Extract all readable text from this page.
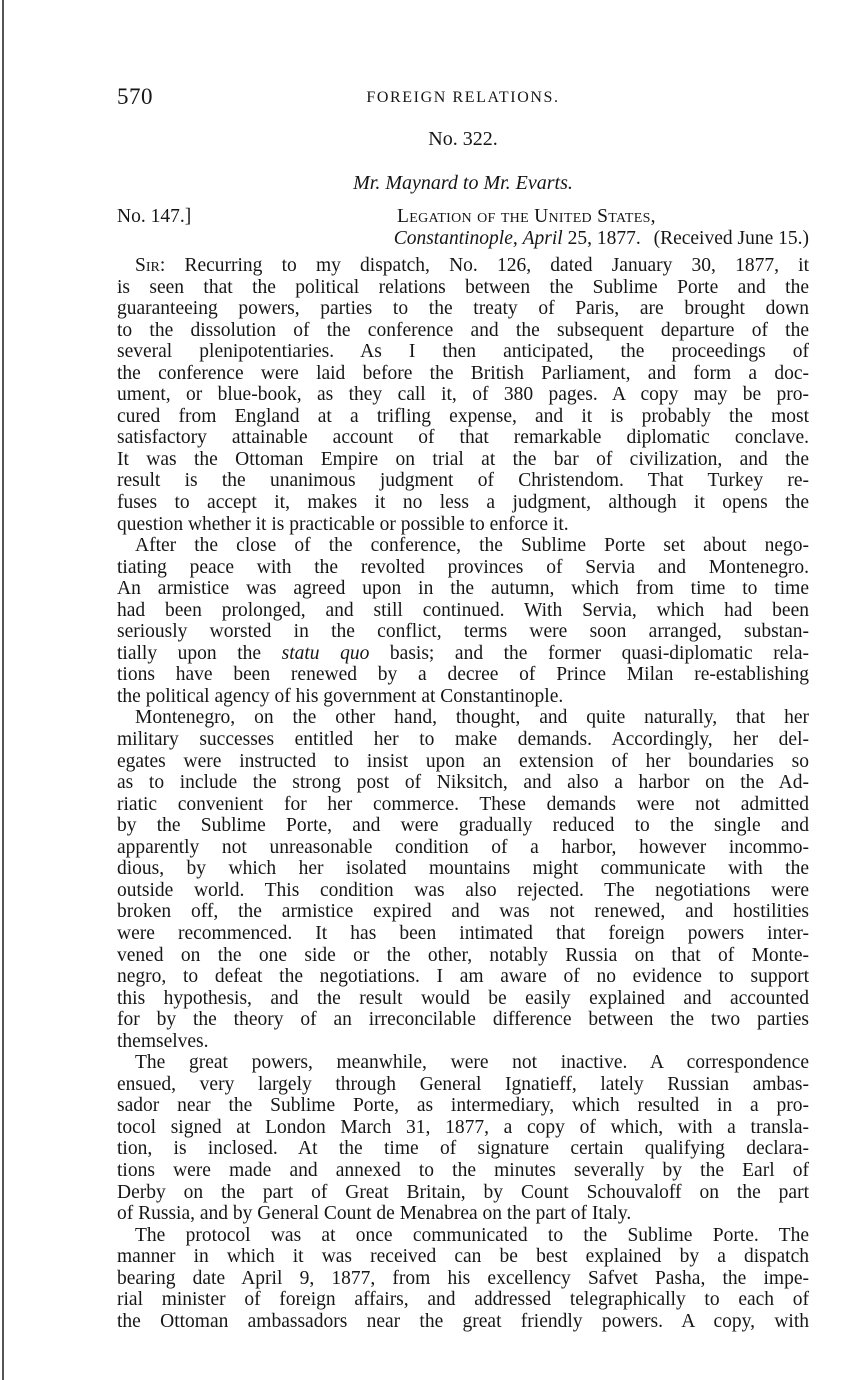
570	FOREIGN RELATIONS.
No. 322.
Mr. Maynard to Mr. Evarts.
No. 147.]	Legation of the United States,
Constantinople, April 25, 1877. (Received June 15.)

Sir: Recurring to my dispatch, No. 126, dated January 30, 1877, it
is seen that the political relations between the Sublime Porte and the
guaranteeing powers, parties to the treaty of Paris, are brought down
to the dissolution of the conference and the subsequent departure of the
several plenipotentiaries. As I then anticipated, the proceedings of
the conference were laid before the British Parliament, and form a doc-
ument, or blue-book, as they call it, of 380 pages. A copy may be pro-
cured from England at a trifling expense, and it is probably the most
satisfactory attainable account of that remarkable diplomatic conclave.
It was the Ottoman Empire on trial at the bar of civilization, and the
result is the unanimous judgment of Christendom. That Turkey re-
fuses to accept it, makes it no less a judgment, although it opens the
question whether it is practicable or possible to enforce it.

After the close of the conference, the Sublime Porte set about nego-
tiating peace with the revolted provinces of Servia and Montenegro.
An armistice was agreed upon in the autumn, which from time to time
had been prolonged, and still continued. With Servia, which had been
seriously worsted in the conflict, terms were soon arranged, substan-
tially upon the statu quo basis; and the former quasi-diplomatic rela-
tions have been renewed by a decree of Prince Milan re-establishing
the political agency of his government at Constantinople.

Montenegro, on the other hand, thought, and quite naturally, that her
military successes entitled her to make demands. Accordingly, her del-
egates were instructed to insist upon an extension of her boundaries so
as to include the strong post of Niksitch, and also a harbor on the Ad-
riatic convenient for her commerce. These demands were not admitted
by the Sublime Porte, and were gradually reduced to the single and
apparently not unreasonable condition of a harbor, however incommo-
dious, by which her isolated mountains might communicate with the
outside world. This condition was also rejected. The negotiations were
broken off, the armistice expired and was not renewed, and hostilities
were recommenced. It has been intimated that foreign powers inter-
vened on the one side or the other, notably Russia on that of Monte-
negro, to defeat the negotiations. I am aware of no evidence to support
this hypothesis, and the result would be easily explained and accounted
for by the theory of an irreconcilable difference between the two parties
themselves.

The great powers, meanwhile, were not inactive. A correspondence
ensued, very largely through General Ignatieff, lately Russian ambas-
sador near the Sublime Porte, as intermediary, which resulted in a pro-
tocol signed at London March 31, 1877, a copy of which, with a transla-
tion, is inclosed. At the time of signature certain qualifying declara-
tions were made and annexed to the minutes severally by the Earl of
Derby on the part of Great Britain, by Count Schouvaloff on the part
of Russia, and by General Count de Menabrea on the part of Italy.

The protocol was at once communicated to the Sublime Porte. The
manner in which it was received can be best explained by a dispatch
bearing date April 9, 1877, from his excellency Safvet Pasha, the impe-
rial minister of foreign affairs, and addressed telegraphically to each of
the Ottoman ambassadors near the great friendly powers. A copy, with
